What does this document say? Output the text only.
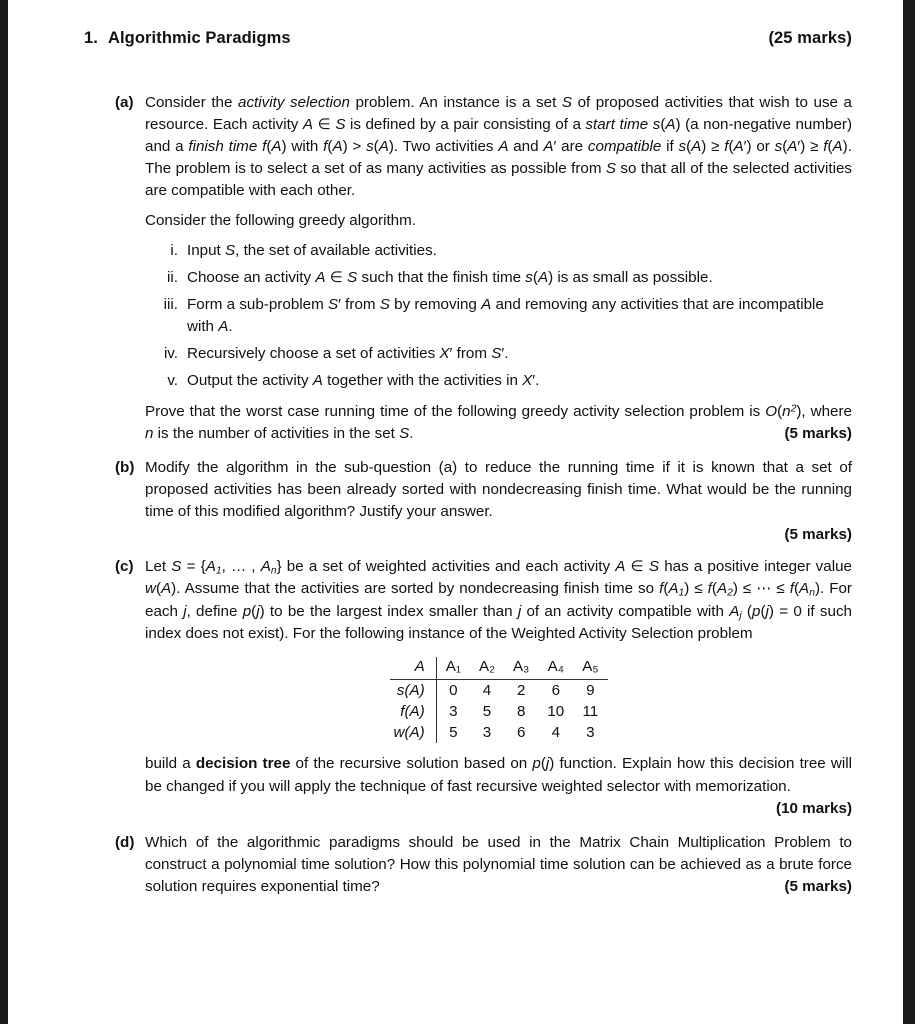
1. Algorithmic Paradigms	(25 marks)
(a) Consider the activity selection problem. An instance is a set S of proposed activities that wish to use a resource. Each activity A ∈ S is defined by a pair consisting of a start time s(A) (a non-negative number) and a finish time f(A) with f(A) > s(A). Two activities A and A′ are compatible if s(A) ≥ f(A′) or s(A′) ≥ f(A). The problem is to select a set of as many activities as possible from S so that all of the selected activities are compatible with each other.

Consider the following greedy algorithm.

i. Input S, the set of available activities.
ii. Choose an activity A ∈ S such that the finish time s(A) is as small as possible.
iii. Form a sub-problem S′ from S by removing A and removing any activities that are incompatible with A.
iv. Recursively choose a set of activities X′ from S′.
v. Output the activity A together with the activities in X′.

Prove that the worst case running time of the following greedy activity selection problem is $O(n^2)$, where n is the number of activities in the set S.	(5 marks)

(b) Modify the algorithm in the sub-question (a) to reduce the running time if it is known that a set of proposed activities has been already sorted with nondecreasing finish time. What would be the running time of this modified algorithm? Justify your answer.

(5 marks)
(c) Let $S = \{A_1$, … , $A_n$} be a set of weighted activities and each activity A ∈ S has a positive integer value w(A). Assume that the activities are sorted by nondecreasing finish time so $f(A_1) \le f(A_2)$ ≤ ⋯ ≤ $f(A_n)$. For each j, define p(j) to be the largest index smaller than j of an activity compatible with $A_j$ (p(j) = 0 if such index does not exist). For the following instance of the Weighted Activity Selection problem

A	A₁	A₂	A₃	A₄	A₅
s(A)	0	4	2	6	9
f(A)	3	5	8	10	11
w(A)	5	3	6	4	3

build a decision tree of the recursive solution based on p(j) function. Explain how this decision tree will be changed if you will apply the technique of fast recursive weighted selector with memorization.
(10 marks)

(d) Which of the algorithmic paradigms should be used in the Matrix Chain Multiplication Problem to construct a polynomial time solution? How this polynomial time solution can be achieved as a brute force solution requires exponential time?	(5 marks)
